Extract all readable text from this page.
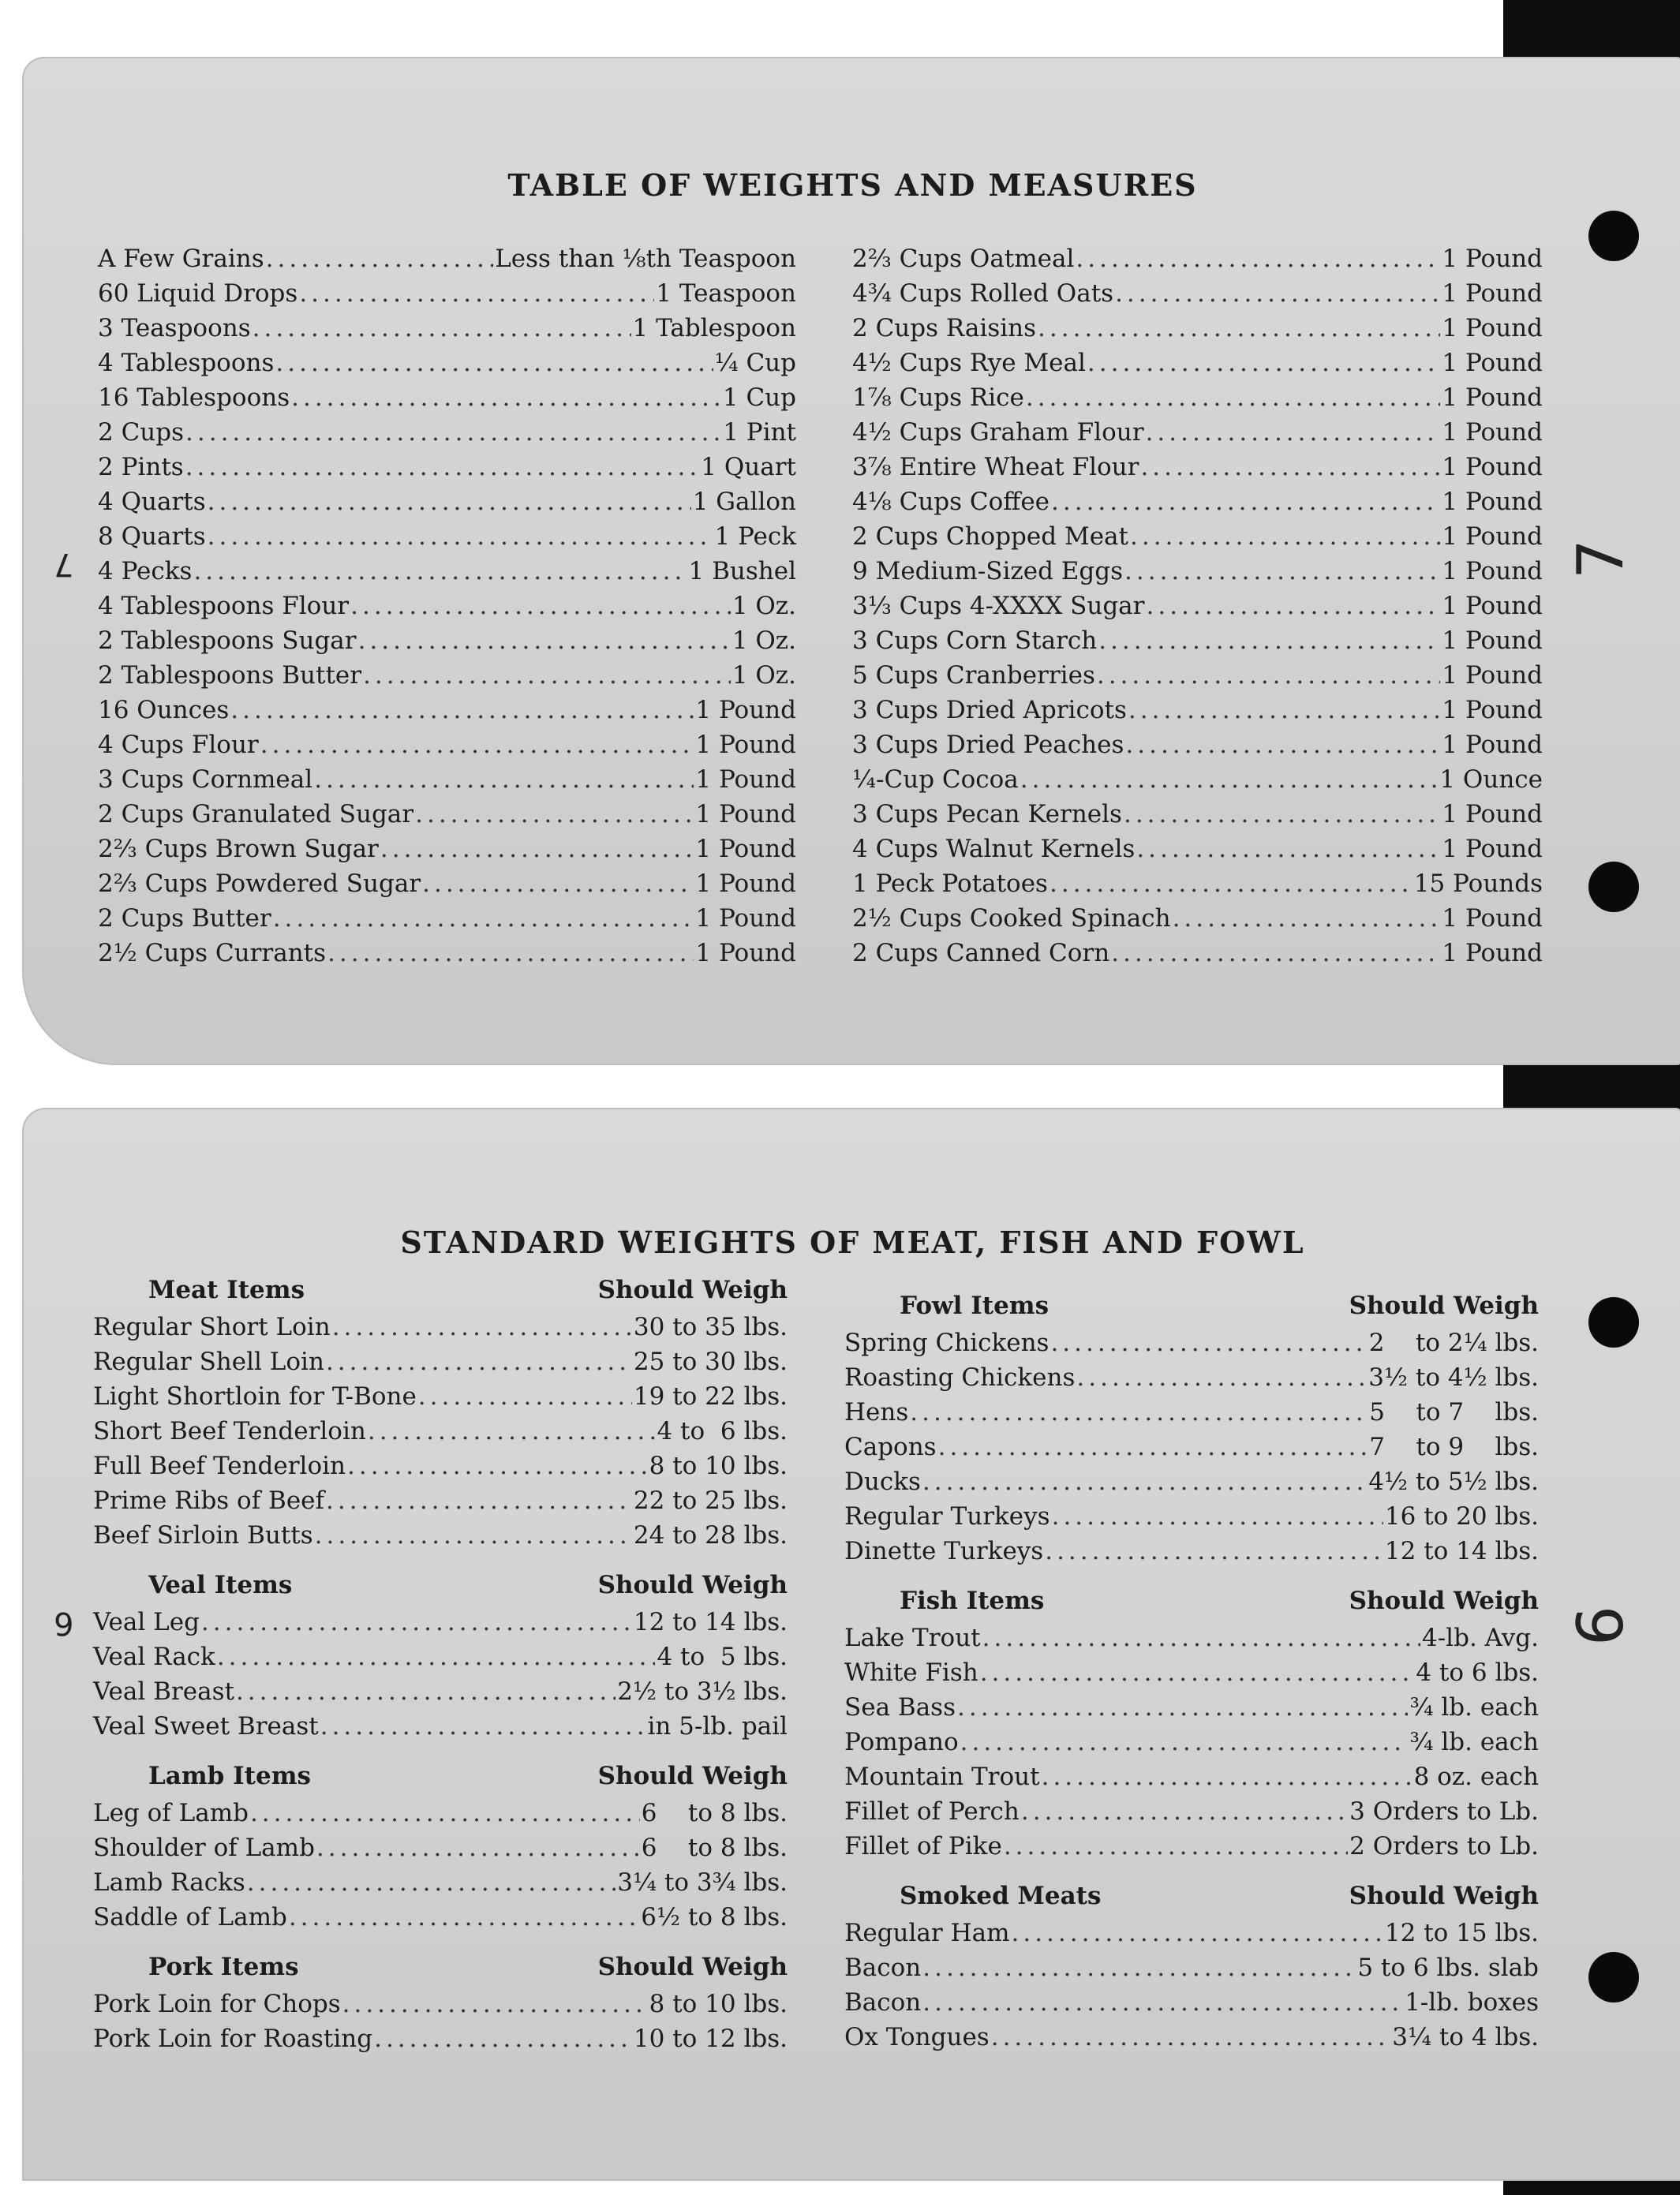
TABLE OF WEIGHTS AND MEASURES
7	7
A Few Grains .....	Less than ⅛th Teaspoon
60 Liquid Drops .....	1 Teaspoon
3 Teaspoons .....	1 Tablespoon
4 Tablespoons .....	¼ Cup
16 Tablespoons .....	1 Cup
2 Cups .....	1 Pint
2 Pints .....	1 Quart
4 Quarts .....	1 Gallon
8 Quarts .....	1 Peck
4 Pecks .....	1 Bushel
4 Tablespoons Flour .....	1 Oz.
2 Tablespoons Sugar .....	1 Oz.
2 Tablespoons Butter .....	1 Oz.
16 Ounces .....	1 Pound
4 Cups Flour .....	1 Pound
3 Cups Cornmeal .....	1 Pound
2 Cups Granulated Sugar .....	1 Pound
2⅔ Cups Brown Sugar .....	1 Pound
2⅔ Cups Powdered Sugar .....	1 Pound
2 Cups Butter .....	1 Pound
2½ Cups Currants .....	1 Pound
2⅔ Cups Oatmeal .....	1 Pound
4¾ Cups Rolled Oats .....	1 Pound
2 Cups Raisins .....	1 Pound
4½ Cups Rye Meal .....	1 Pound
1⅞ Cups Rice .....	1 Pound
4½ Cups Graham Flour .....	1 Pound
3⅞ Entire Wheat Flour .....	1 Pound
4⅛ Cups Coffee .....	1 Pound
2 Cups Chopped Meat .....	1 Pound
9 Medium-Sized Eggs .....	1 Pound
3⅓ Cups 4-XXXX Sugar .....	1 Pound
3 Cups Corn Starch .....	1 Pound
5 Cups Cranberries .....	1 Pound
3 Cups Dried Apricots .....	1 Pound
3 Cups Dried Peaches .....	1 Pound
¼-Cup Cocoa .....	1 Ounce
3 Cups Pecan Kernels .....	1 Pound
4 Cups Walnut Kernels .....	1 Pound
1 Peck Potatoes .....	15 Pounds
2½ Cups Cooked Spinach .....	1 Pound
2 Cups Canned Corn .....	1 Pound
STANDARD WEIGHTS OF MEAT, FISH AND FOWL
6	6
Meat Items	Should Weigh
Regular Short Loin .....	30 to 35 lbs.
Regular Shell Loin .....	25 to 30 lbs.
Light Shortloin for T-Bone .....	19 to 22 lbs.
Short Beef Tenderloin .....	4 to  6 lbs.
Full Beef Tenderloin .....	8 to 10 lbs.
Prime Ribs of Beef .....	22 to 25 lbs.
Beef Sirloin Butts .....	24 to 28 lbs.
Veal Items	Should Weigh
Veal Leg .....	12 to 14 lbs.
Veal Rack .....	4 to  5 lbs.
Veal Breast .....	2½ to 3½ lbs.
Veal Sweet Breast .....	in 5-lb. pail
Lamb Items	Should Weigh
Leg of Lamb .....	6    to 8 lbs.
Shoulder of Lamb .....	6    to 8 lbs.
Lamb Racks .....	3¼ to 3¾ lbs.
Saddle of Lamb .....	6½ to 8 lbs.
Pork Items	Should Weigh
Pork Loin for Chops .....	8 to 10 lbs.
Pork Loin for Roasting .....	10 to 12 lbs.
Fowl Items	Should Weigh
Spring Chickens .....	2    to 2¼ lbs.
Roasting Chickens .....	3½ to 4½ lbs.
Hens .....	5    to 7    lbs.
Capons .....	7    to 9    lbs.
Ducks .....	4½ to 5½ lbs.
Regular Turkeys .....	16 to 20 lbs.
Dinette Turkeys .....	12 to 14 lbs.
Fish Items	Should Weigh
Lake Trout .....	4-lb. Avg.
White Fish .....	4 to 6 lbs.
Sea Bass .....	¾ lb. each
Pompano .....	¾ lb. each
Mountain Trout .....	8 oz. each
Fillet of Perch .....	3 Orders to Lb.
Fillet of Pike .....	2 Orders to Lb.
Smoked Meats	Should Weigh
Regular Ham .....	12 to 15 lbs.
Bacon .....	5 to 6 lbs. slab
Bacon .....	1-lb. boxes
Ox Tongues .....	3¼ to 4 lbs.
